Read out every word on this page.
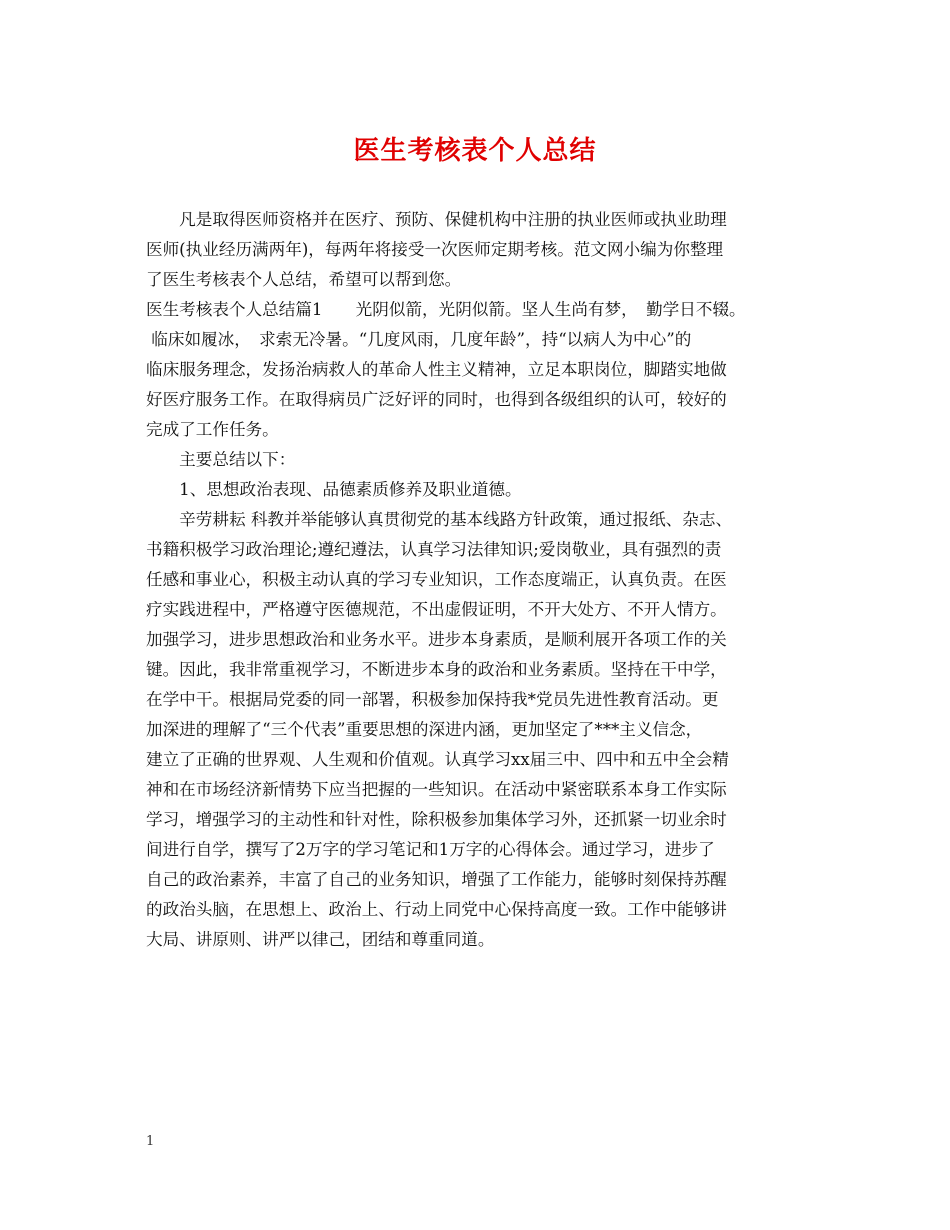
医生考核表个人总结

　　凡是取得医师资格并在医疗、预防、保健机构中注册的执业医师或执业助理

医师(执业经历满两年)，每两年将接受一次医师定期考核。范文网小编为你整理

了医生考核表个人总结，希望可以帮到您。

医生考核表个人总结篇1　　光阴似箭，光阴似箭。坚人生尚有梦，　勤学日不辍。

临床如履冰，　求索无冷暑。“几度风雨，几度年龄”，持“以病人为中心”的

临床服务理念，发扬治病救人的革命人性主义精神，立足本职岗位，脚踏实地做

好医疗服务工作。在取得病员广泛好评的同时，也得到各级组织的认可，较好的

完成了工作任务。

　　主要总结以下：

　　1、思想政治表现、品德素质修养及职业道德。

　　辛劳耕耘 科教并举能够认真贯彻党的基本线路方针政策，通过报纸、杂志、

书籍积极学习政治理论;遵纪遵法，认真学习法律知识;爱岗敬业，具有强烈的责

任感和事业心，积极主动认真的学习专业知识，工作态度端正，认真负责。在医

疗实践进程中，严格遵守医德规范，不出虚假证明，不开大处方、不开人情方。

加强学习，进步思想政治和业务水平。进步本身素质，是顺利展开各项工作的关

键。因此，我非常重视学习，不断进步本身的政治和业务素质。坚持在干中学，

在学中干。根据局党委的同一部署，积极参加保持我*党员先进性教育活动。更

加深进的理解了“三个代表”重要思想的深进内涵，更加坚定了***主义信念，

建立了正确的世界观、人生观和价值观。认真学习xx届三中、四中和五中全会精

神和在市场经济新情势下应当把握的一些知识。在活动中紧密联系本身工作实际

学习，增强学习的主动性和针对性，除积极参加集体学习外，还抓紧一切业余时

间进行自学，撰写了2万字的学习笔记和1万字的心得体会。通过学习，进步了

自己的政治素养，丰富了自己的业务知识，增强了工作能力，能够时刻保持苏醒

的政治头脑，在思想上、政治上、行动上同党中心保持高度一致。工作中能够讲

大局、讲原则、讲严以律己，团结和尊重同道。

1
